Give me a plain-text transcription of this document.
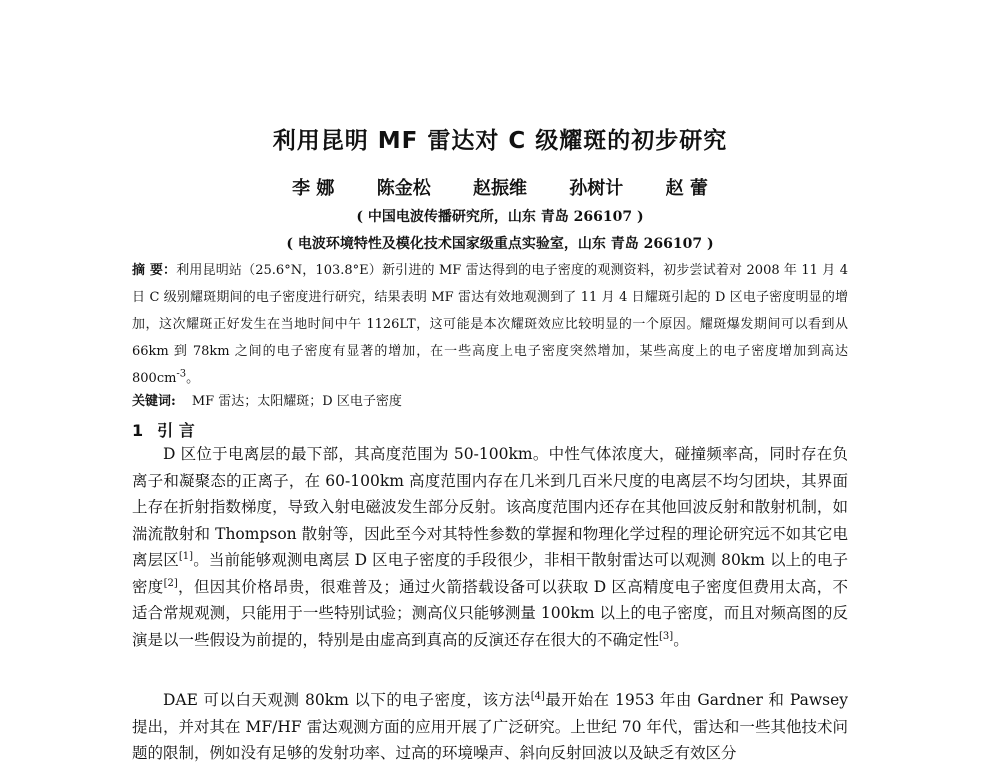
利用昆明 MF 雷达对 C 级耀斑的初步研究
李 娜 陈金松 赵振维 孙树计 赵 蕾

( 中国电波传播研究所，山东 青岛 266107 )

( 电波环境特性及模化技术国家级重点实验室，山东 青岛 266107 )

摘 要：利用昆明站（25.6°N，103.8°E）新引进的 MF 雷达得到的电子密度的观测资料，初步尝试着对 2008 年 11 月 4 日 C 级别耀斑期间的电子密度进行研究，结果表明 MF 雷达有效地观测到了 11 月 4 日耀斑引起的 D 区电子密度明显的增加，这次耀斑正好发生在当地时间中午 1126LT，这可能是本次耀斑效应比较明显的一个原因。耀斑爆发期间可以看到从 66km 到 78km 之间的电子密度有显著的增加，在一些高度上电子密度突然增加，某些高度上的电子密度增加到高达 $800cm^{-3}$。

关键词: MF 雷达；太阳耀斑；D 区电子密度

1 引 言

D 区位于电离层的最下部，其高度范围为 50-100km。中性气体浓度大，碰撞频率高，同时存在负离子和凝聚态的正离子，在 60-100km 高度范围内存在几米到几百米尺度的电离层不均匀团块，其界面上存在折射指数梯度，导致入射电磁波发生部分反射。该高度范围内还存在其他回波反射和散射机制，如湍流散射和 Thompson 散射等，因此至今对其特性参数的掌握和物理化学过程的理论研究远不如其它电离层区[1]。当前能够观测电离层 D 区电子密度的手段很少，非相干散射雷达可以观测 80km 以上的电子密度[2]，但因其价格昂贵，很难普及；通过火箭搭载设备可以获取 D 区高精度电子密度但费用太高，不适合常规观测，只能用于一些特别试验；测高仪只能够测量 100km 以上的电子密度，而且对频高图的反演是以一些假设为前提的，特别是由虚高到真高的反演还存在很大的不确定性[3]。

DAE 可以白天观测 80km 以下的电子密度，该方法[4]最开始在 1953 年由 Gardner 和 Pawsey 提出，并对其在 MF/HF 雷达观测方面的应用开展了广泛研究。上世纪 70 年代，雷达和一些其他技术问题的限制，例如没有足够的发射功率、过高的环境噪声、斜向反射回波以及缺乏有效区分
